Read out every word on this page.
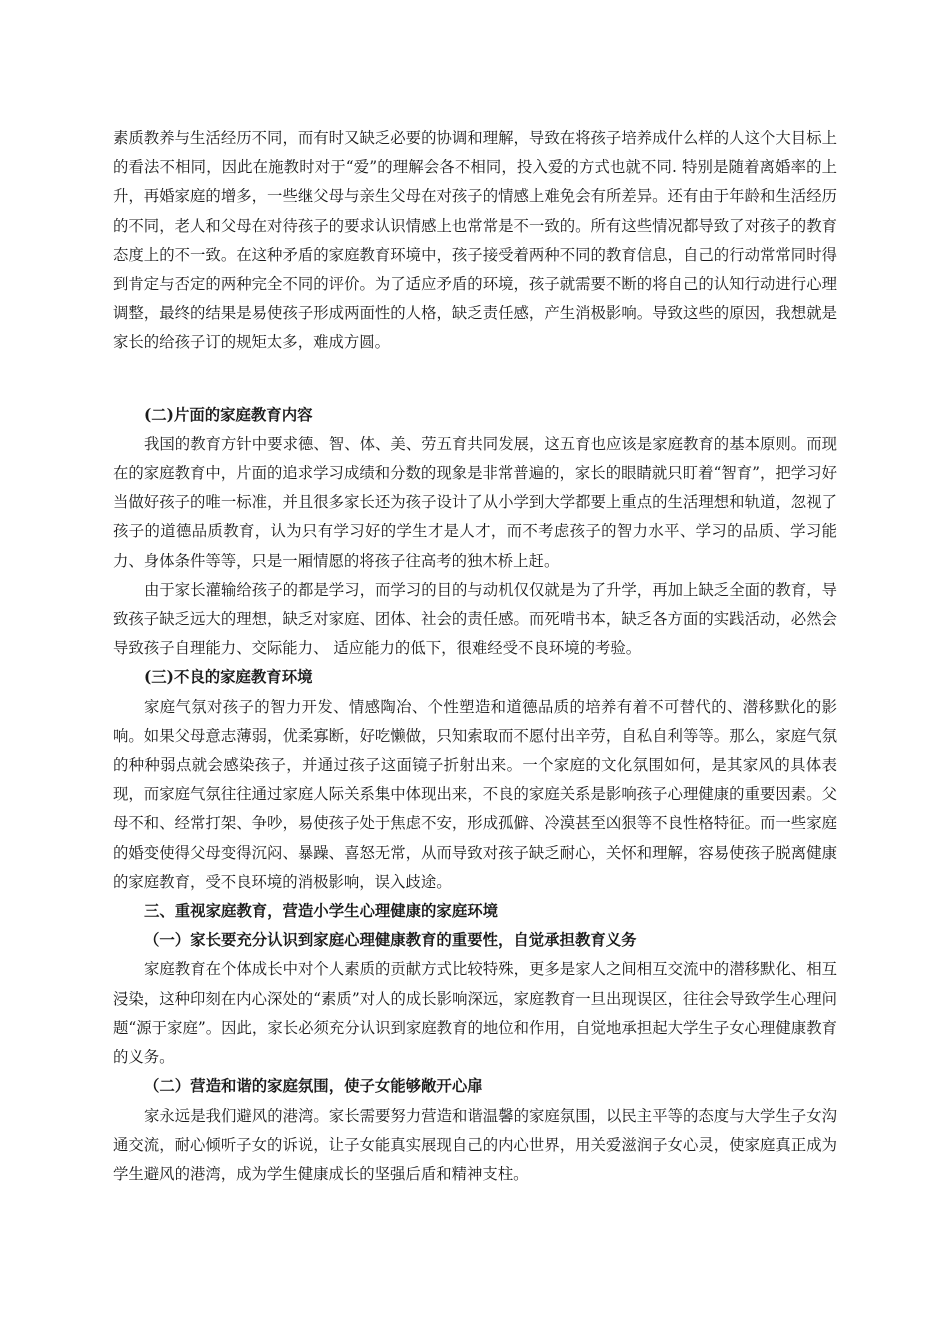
素质教养与生活经历不同，而有时又缺乏必要的协调和理解，导致在将孩子培养成什么样的人这个大目标上的看法不相同，因此在施教时对于“爱”的理解会各不相同，投入爱的方式也就不同. 特别是随着离婚率的上升，再婚家庭的增多，一些继父母与亲生父母在对孩子的情感上难免会有所差异。还有由于年龄和生活经历的不同，老人和父母在对待孩子的要求认识情感上也常常是不一致的。所有这些情况都导致了对孩子的教育态度上的不一致。在这种矛盾的家庭教育环境中，孩子接受着两种不同的教育信息，自己的行动常常同时得到肯定与否定的两种完全不同的评价。为了适应矛盾的环境，孩子就需要不断的将自己的认知行动进行心理调整，最终的结果是易使孩子形成两面性的人格，缺乏责任感，产生消极影响。导致这些的原因，我想就是家长的给孩子订的规矩太多，难成方圆。

(二)片面的家庭教育内容

我国的教育方针中要求德、智、体、美、劳五育共同发展，这五育也应该是家庭教育的基本原则。而现在的家庭教育中，片面的追求学习成绩和分数的现象是非常普遍的，家长的眼睛就只盯着“智育”，把学习好当做好孩子的唯一标准，并且很多家长还为孩子设计了从小学到大学都要上重点的生活理想和轨道，忽视了孩子的道德品质教育，认为只有学习好的学生才是人才，而不考虑孩子的智力水平、学习的品质、学习能力、身体条件等等，只是一厢情愿的将孩子往高考的独木桥上赶。

由于家长灌输给孩子的都是学习，而学习的目的与动机仅仅就是为了升学，再加上缺乏全面的教育，导致孩子缺乏远大的理想，缺乏对家庭、团体、社会的责任感。而死啃书本，缺乏各方面的实践活动，必然会导致孩子自理能力、交际能力、 适应能力的低下，很难经受不良环境的考验。

(三)不良的家庭教育环境

家庭气氛对孩子的智力开发、情感陶冶、个性塑造和道德品质的培养有着不可替代的、潜移默化的影响。如果父母意志薄弱，优柔寡断，好吃懒做，只知索取而不愿付出辛劳，自私自利等等。那么，家庭气氛的种种弱点就会感染孩子，并通过孩子这面镜子折射出来。一个家庭的文化氛围如何，是其家风的具体表现，而家庭气氛往往通过家庭人际关系集中体现出来，不良的家庭关系是影响孩子心理健康的重要因素。父母不和、经常打架、争吵，易使孩子处于焦虑不安，形成孤僻、冷漠甚至凶狠等不良性格特征。而一些家庭的婚变使得父母变得沉闷、暴躁、喜怒无常，从而导致对孩子缺乏耐心，关怀和理解，容易使孩子脱离健康的家庭教育，受不良环境的消极影响，误入歧途。

三、重视家庭教育，营造小学生心理健康的家庭环境

（一）家长要充分认识到家庭心理健康教育的重要性，自觉承担教育义务

家庭教育在个体成长中对个人素质的贡献方式比较特殊，更多是家人之间相互交流中的潜移默化、相互浸染，这种印刻在内心深处的“素质”对人的成长影响深远，家庭教育一旦出现误区，往往会导致学生心理问题“源于家庭”。因此，家长必须充分认识到家庭教育的地位和作用，自觉地承担起大学生子女心理健康教育的义务。

（二）营造和谐的家庭氛围，使子女能够敞开心扉

家永远是我们避风的港湾。家长需要努力营造和谐温馨的家庭氛围，以民主平等的态度与大学生子女沟通交流，耐心倾听子女的诉说，让子女能真实展现自己的内心世界，用关爱滋润子女心灵，使家庭真正成为学生避风的港湾，成为学生健康成长的坚强后盾和精神支柱。
